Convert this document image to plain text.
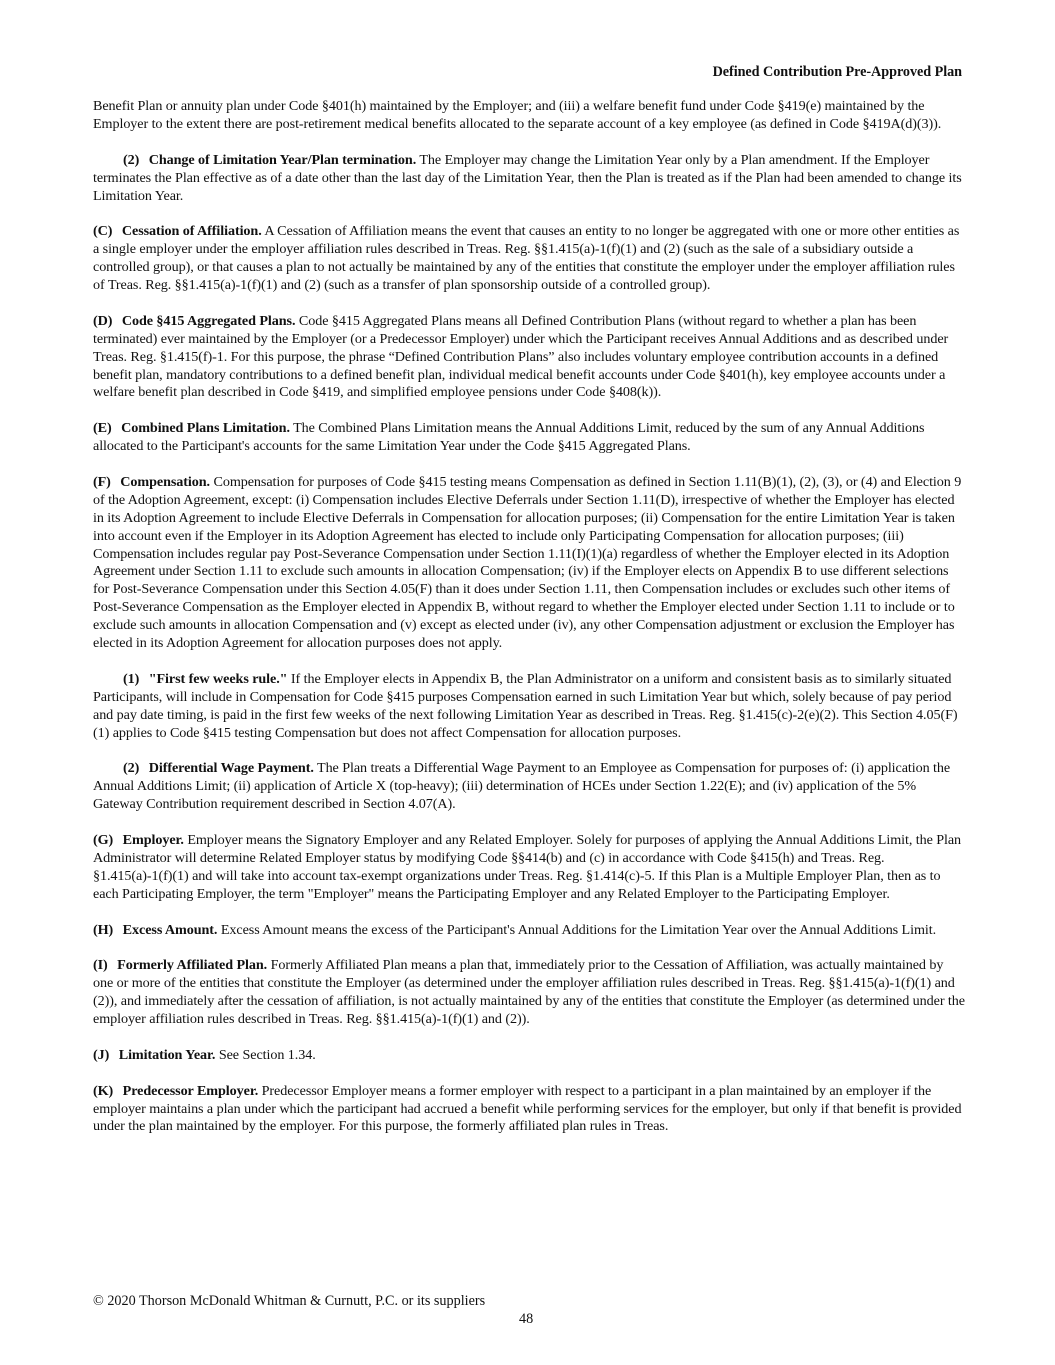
Defined Contribution Pre-Approved Plan

Benefit Plan or annuity plan under Code §401(h) maintained by the Employer; and (iii) a welfare benefit fund under Code §419(e) maintained by the Employer to the extent there are post-retirement medical benefits allocated to the separate account of a key employee (as defined in Code §419A(d)(3)).

(2) Change of Limitation Year/Plan termination. The Employer may change the Limitation Year only by a Plan amendment. If the Employer terminates the Plan effective as of a date other than the last day of the Limitation Year, then the Plan is treated as if the Plan had been amended to change its Limitation Year.

(C) Cessation of Affiliation. A Cessation of Affiliation means the event that causes an entity to no longer be aggregated with one or more other entities as a single employer under the employer affiliation rules described in Treas. Reg. §§1.415(a)-1(f)(1) and (2) (such as the sale of a subsidiary outside a controlled group), or that causes a plan to not actually be maintained by any of the entities that constitute the employer under the employer affiliation rules of Treas. Reg. §§1.415(a)-1(f)(1) and (2) (such as a transfer of plan sponsorship outside of a controlled group).

(D) Code §415 Aggregated Plans. Code §415 Aggregated Plans means all Defined Contribution Plans (without regard to whether a plan has been terminated) ever maintained by the Employer (or a Predecessor Employer) under which the Participant receives Annual Additions and as described under Treas. Reg. §1.415(f)-1. For this purpose, the phrase “Defined Contribution Plans” also includes voluntary employee contribution accounts in a defined benefit plan, mandatory contributions to a defined benefit plan, individual medical benefit accounts under Code §401(h), key employee accounts under a welfare benefit plan described in Code §419, and simplified employee pensions under Code §408(k)).

(E) Combined Plans Limitation. The Combined Plans Limitation means the Annual Additions Limit, reduced by the sum of any Annual Additions allocated to the Participant's accounts for the same Limitation Year under the Code §415 Aggregated Plans.

(F) Compensation. Compensation for purposes of Code §415 testing means Compensation as defined in Section 1.11(B)(1), (2), (3), or (4) and Election 9 of the Adoption Agreement, except: (i) Compensation includes Elective Deferrals under Section 1.11(D), irrespective of whether the Employer has elected in its Adoption Agreement to include Elective Deferrals in Compensation for allocation purposes; (ii) Compensation for the entire Limitation Year is taken into account even if the Employer in its Adoption Agreement has elected to include only Participating Compensation for allocation purposes; (iii) Compensation includes regular pay Post-Severance Compensation under Section 1.11(I)(1)(a) regardless of whether the Employer elected in its Adoption Agreement under Section 1.11 to exclude such amounts in allocation Compensation; (iv) if the Employer elects on Appendix B to use different selections for Post-Severance Compensation under this Section 4.05(F) than it does under Section 1.11, then Compensation includes or excludes such other items of Post-Severance Compensation as the Employer elected in Appendix B, without regard to whether the Employer elected under Section 1.11 to include or to exclude such amounts in allocation Compensation and (v) except as elected under (iv), any other Compensation adjustment or exclusion the Employer has elected in its Adoption Agreement for allocation purposes does not apply.

(1) "First few weeks rule." If the Employer elects in Appendix B, the Plan Administrator on a uniform and consistent basis as to similarly situated Participants, will include in Compensation for Code §415 purposes Compensation earned in such Limitation Year but which, solely because of pay period and pay date timing, is paid in the first few weeks of the next following Limitation Year as described in Treas. Reg. §1.415(c)-2(e)(2). This Section 4.05(F)(1) applies to Code §415 testing Compensation but does not affect Compensation for allocation purposes.

(2) Differential Wage Payment. The Plan treats a Differential Wage Payment to an Employee as Compensation for purposes of: (i) application the Annual Additions Limit; (ii) application of Article X (top-heavy); (iii) determination of HCEs under Section 1.22(E); and (iv) application of the 5% Gateway Contribution requirement described in Section 4.07(A).

(G) Employer. Employer means the Signatory Employer and any Related Employer. Solely for purposes of applying the Annual Additions Limit, the Plan Administrator will determine Related Employer status by modifying Code §§414(b) and (c) in accordance with Code §415(h) and Treas. Reg. §1.415(a)-1(f)(1) and will take into account tax-exempt organizations under Treas. Reg. §1.414(c)-5. If this Plan is a Multiple Employer Plan, then as to each Participating Employer, the term "Employer" means the Participating Employer and any Related Employer to the Participating Employer.

(H) Excess Amount. Excess Amount means the excess of the Participant's Annual Additions for the Limitation Year over the Annual Additions Limit.

(I) Formerly Affiliated Plan. Formerly Affiliated Plan means a plan that, immediately prior to the Cessation of Affiliation, was actually maintained by one or more of the entities that constitute the Employer (as determined under the employer affiliation rules described in Treas. Reg. §§1.415(a)-1(f)(1) and (2)), and immediately after the cessation of affiliation, is not actually maintained by any of the entities that constitute the Employer (as determined under the employer affiliation rules described in Treas. Reg. §§1.415(a)-1(f)(1) and (2)).

(J) Limitation Year. See Section 1.34.

(K) Predecessor Employer. Predecessor Employer means a former employer with respect to a participant in a plan maintained by an employer if the employer maintains a plan under which the participant had accrued a benefit while performing services for the employer, but only if that benefit is provided under the plan maintained by the employer. For this purpose, the formerly affiliated plan rules in Treas.

© 2020 Thorson McDonald Whitman & Curnutt, P.C. or its suppliers
48
